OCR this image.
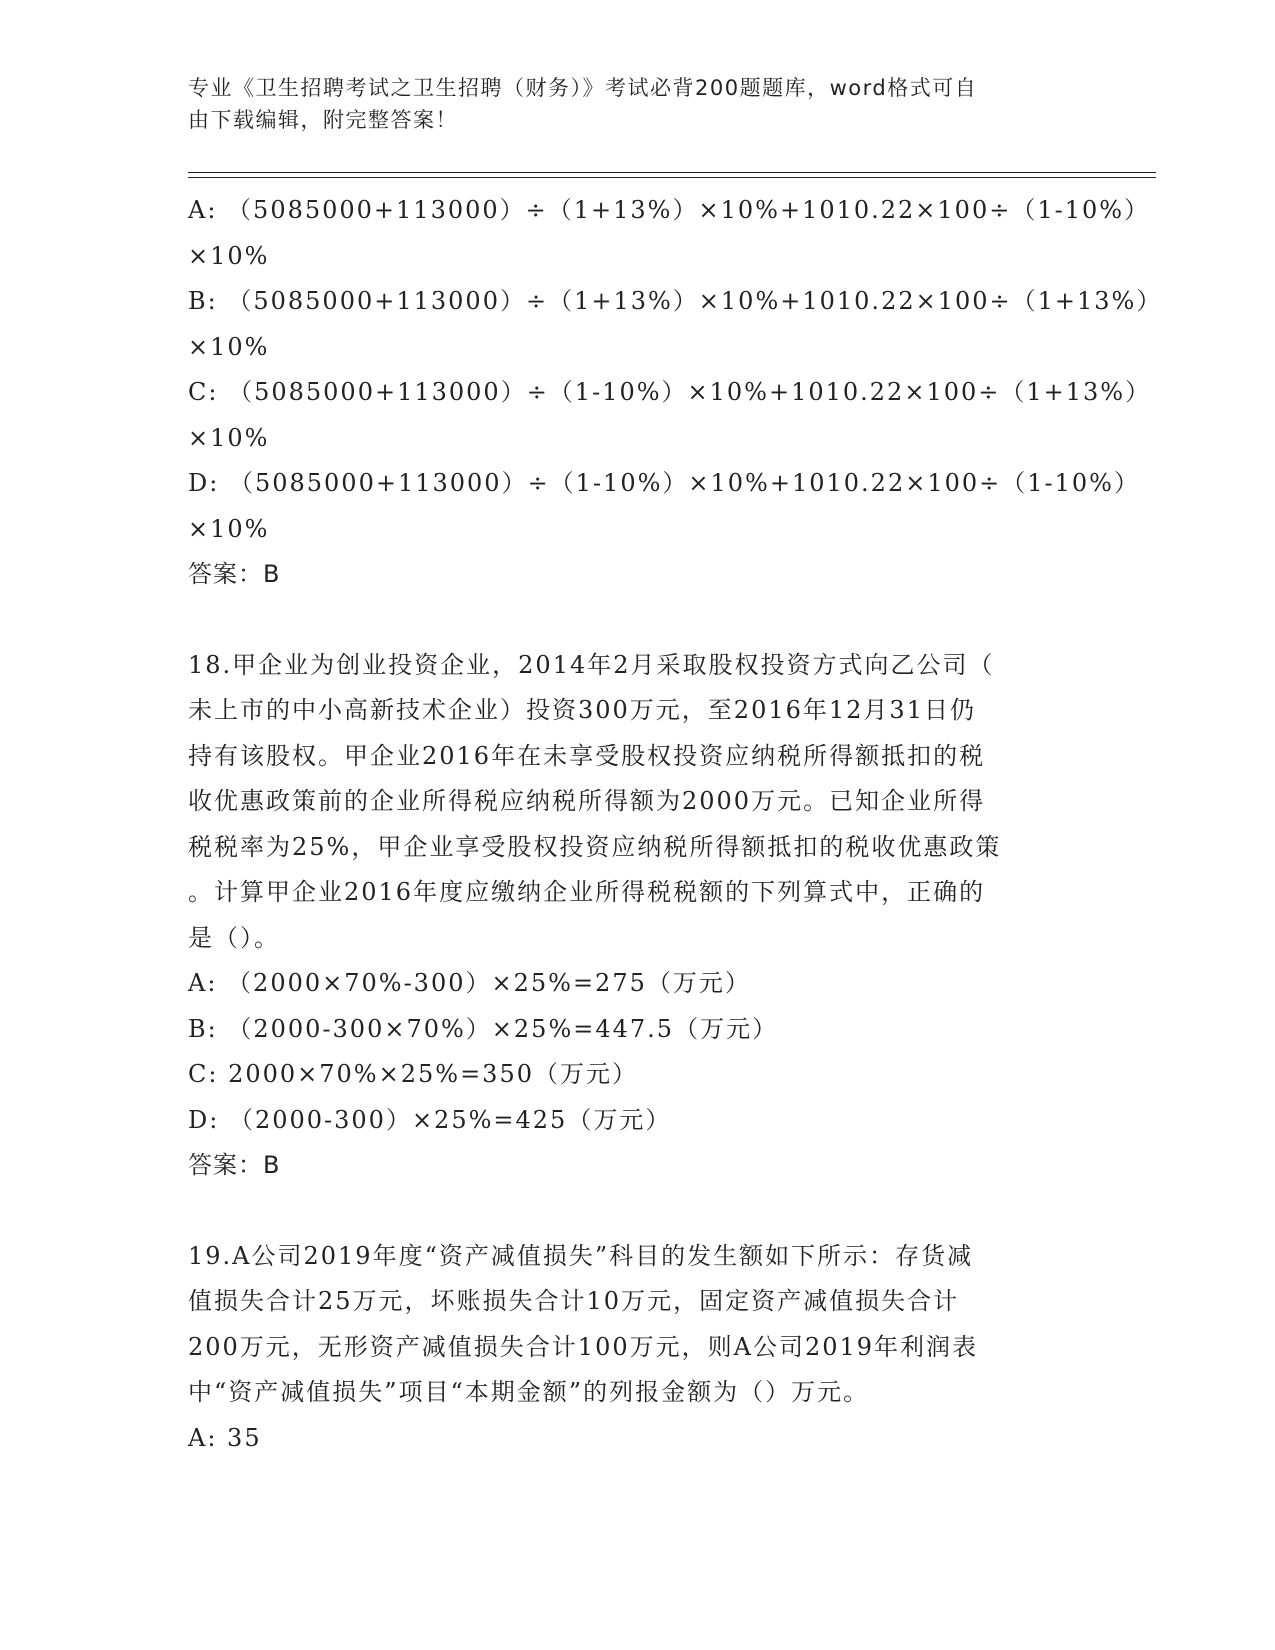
专业《卫生招聘考试之卫生招聘（财务）》考试必背200题题库，word格式可自
由下载编辑，附完整答案！
A: （5085000+113000）÷（1+13%）×10%+1010.22×100÷（1-10%）
×10%
B: （5085000+113000）÷（1+13%）×10%+1010.22×100÷（1+13%）
×10%
C: （5085000+113000）÷（1-10%）×10%+1010.22×100÷（1+13%）
×10%
D: （5085000+113000）÷（1-10%）×10%+1010.22×100÷（1-10%）
×10%
答案：B
18.甲企业为创业投资企业，2014年2月采取股权投资方式向乙公司（
未上市的中小高新技术企业）投资300万元，至2016年12月31日仍
持有该股权。甲企业2016年在未享受股权投资应纳税所得额抵扣的税
收优惠政策前的企业所得税应纳税所得额为2000万元。已知企业所得
税税率为25%，甲企业享受股权投资应纳税所得额抵扣的税收优惠政策
。计算甲企业2016年度应缴纳企业所得税税额的下列算式中，正确的
是（）。
A: （2000×70%-300）×25%=275（万元）
B: （2000-300×70%）×25%=447.5（万元）
C: 2000×70%×25%=350（万元）
D: （2000-300）×25%=425（万元）
答案：B
19.A公司2019年度“资产减值损失”科目的发生额如下所示：存货减
值损失合计25万元，坏账损失合计10万元，固定资产减值损失合计
200万元，无形资产减值损失合计100万元，则A公司2019年利润表
中“资产减值损失”项目“本期金额”的列报金额为（）万元。
A: 35
